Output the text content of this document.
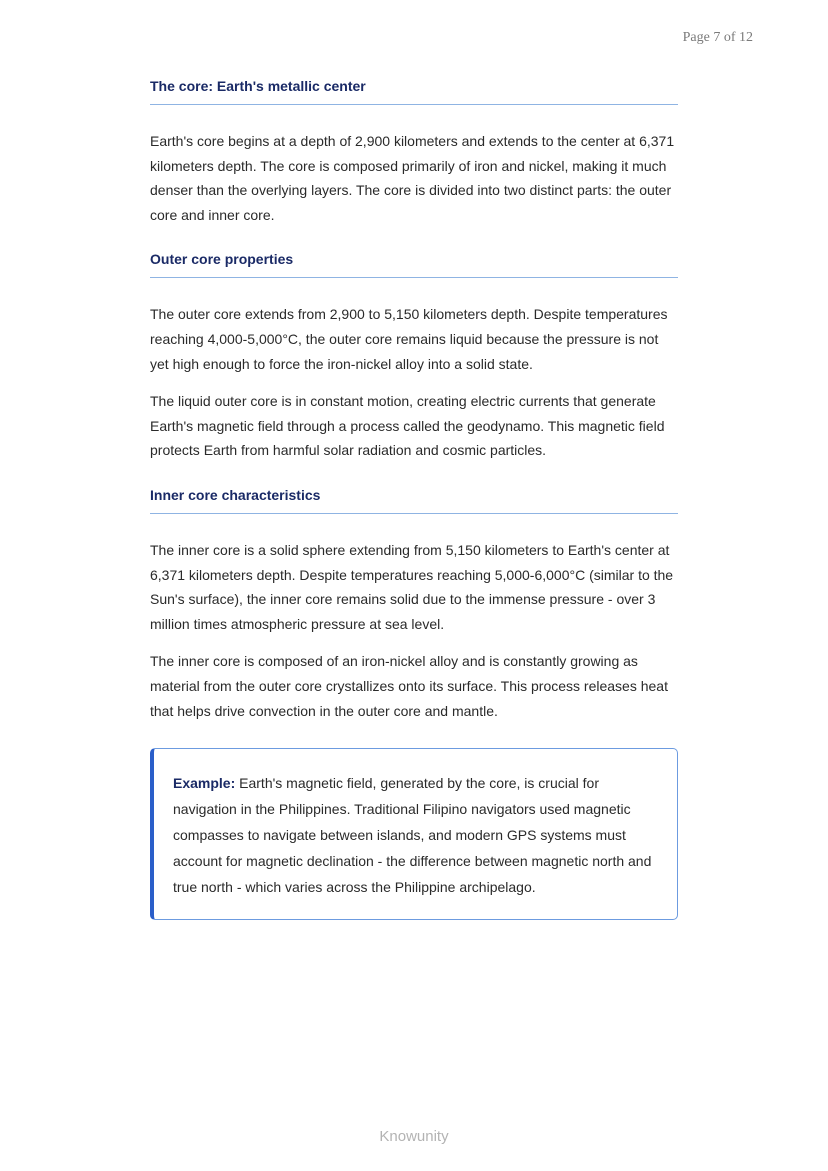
Page 7 of 12
The core: Earth's metallic center

Earth's core begins at a depth of 2,900 kilometers and extends to the center at 6,371 kilometers depth. The core is composed primarily of iron and nickel, making it much denser than the overlying layers. The core is divided into two distinct parts: the outer core and inner core.

Outer core properties

The outer core extends from 2,900 to 5,150 kilometers depth. Despite temperatures reaching 4,000-5,000°C, the outer core remains liquid because the pressure is not yet high enough to force the iron-nickel alloy into a solid state.

The liquid outer core is in constant motion, creating electric currents that generate Earth's magnetic field through a process called the geodynamo. This magnetic field protects Earth from harmful solar radiation and cosmic particles.

Inner core characteristics

The inner core is a solid sphere extending from 5,150 kilometers to Earth's center at 6,371 kilometers depth. Despite temperatures reaching 5,000-6,000°C (similar to the Sun's surface), the inner core remains solid due to the immense pressure - over 3 million times atmospheric pressure at sea level.

The inner core is composed of an iron-nickel alloy and is constantly growing as material from the outer core crystallizes onto its surface. This process releases heat that helps drive convection in the outer core and mantle.

Example: Earth's magnetic field, generated by the core, is crucial for navigation in the Philippines. Traditional Filipino navigators used magnetic compasses to navigate between islands, and modern GPS systems must account for magnetic declination - the difference between magnetic north and true north - which varies across the Philippine archipelago.
Knowunity
